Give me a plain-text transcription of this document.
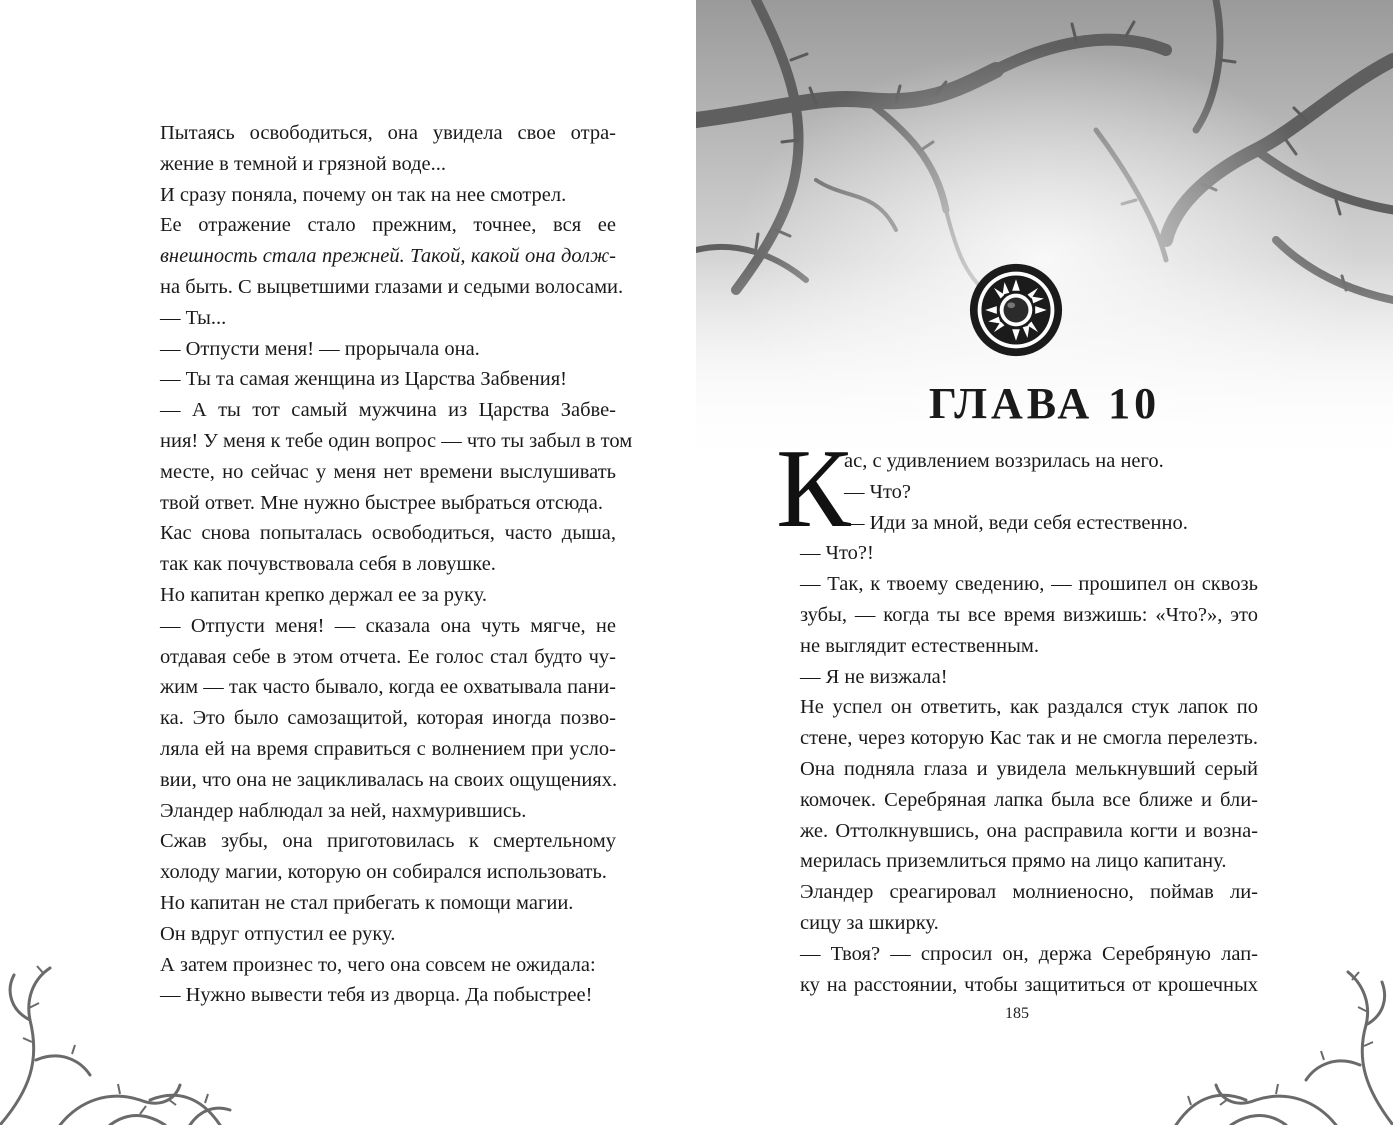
Пытаясь освободиться, она увидела свое отра-
жение в темной и грязной воде...

И сразу поняла, почему он так на нее смотрел.

Ее отражение стало прежним, точнее, вся ее
внешность стала прежней. Такой, какой она долж-
на быть. С выцветшими глазами и седыми волосами.

— Ты...

— Отпусти меня! — прорычала она.

— Ты та самая женщина из Царства Забвения!

— А ты тот самый мужчина из Царства Забве-
ния! У меня к тебе один вопрос — что ты забыл в том
месте, но сейчас у меня нет времени выслушивать
твой ответ. Мне нужно быстрее выбраться отсюда.

Кас снова попыталась освободиться, часто дыша,
так как почувствовала себя в ловушке.

Но капитан крепко держал ее за руку.

— Отпусти меня! — сказала она чуть мягче, не
отдавая себе в этом отчета. Ее голос стал будто чу-
жим — так часто бывало, когда ее охватывала пани-
ка. Это было самозащитой, которая иногда позво-
ляла ей на время справиться с волнением при усло-
вии, что она не зацикливалась на своих ощущениях.

Эландер наблюдал за ней, нахмурившись.

Сжав зубы, она приготовилась к смертельному
холоду магии, которую он собирался использовать.

Но капитан не стал прибегать к помощи магии.

Он вдруг отпустил ее руку.

А затем произнес то, чего она совсем не ожидала:

— Нужно вывести тебя из дворца. Да побыстрее!

ГЛАВА 10
К

ас, с удивлением воззрилась на него.
— Что?
— Иди за мной, веди себя естественно.

— Что?!

— Так, к твоему сведению, — прошипел он сквозь
зубы, — когда ты все время визжишь: «Что?», это
не выглядит естественным.

— Я не визжала!

Не успел он ответить, как раздался стук лапок по
стене, через которую Кас так и не смогла перелезть.
Она подняла глаза и увидела мелькнувший серый
комочек. Серебряная лапка была все ближе и бли-
же. Оттолкнувшись, она расправила когти и возна-
мерилась приземлиться прямо на лицо капитану.

Эландер среагировал молниеносно, поймав ли-
сицу за шкирку.

— Твоя? — спросил он, держа Серебряную лап-
ку на расстоянии, чтобы защититься от крошечных

185
